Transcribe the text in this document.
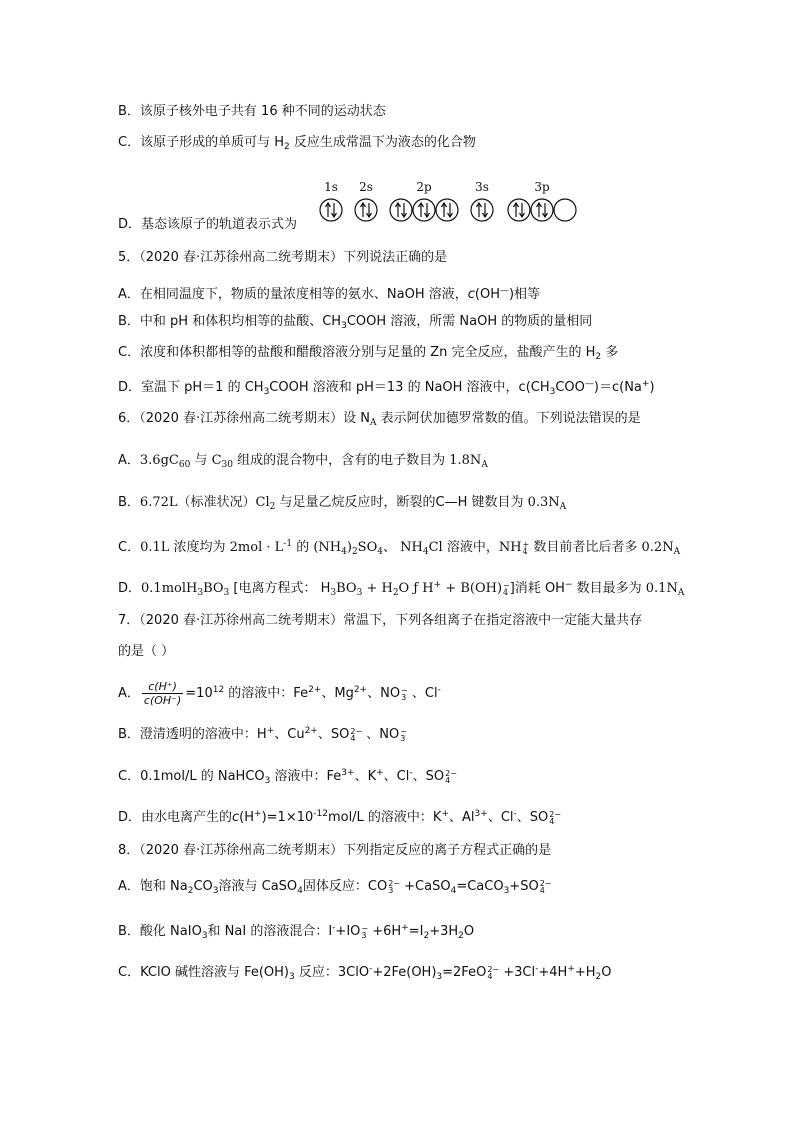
B．该原子核外电子共有 16 种不同的运动状态
C．该原子形成的单质可与 $H_2$ 反应生成常温下为液态的化合物
1s 2s	2p	3s	3p
D．基态该原子的轨道表示式为
5．（2020 春·江苏徐州高二统考期末）下列说法正确的是
A．在相同温度下，物质的量浓度相等的氨水、NaOH 溶液，c(OH—)相等
B．中和 pH 和体积均相等的盐酸、$CH_3COOH$ 溶液，所需 NaOH 的物质的量相同
C．浓度和体积都相等的盐酸和醋酸溶液分别与足量的 Zn 完全反应，盐酸产生的 $H_2$ 多
D．室温下 pH＝1 的 $CH_3COOH$ 溶液和 pH＝13 的 NaOH 溶液中，$c(CH_3COO^—)=c(Na^+)$
6．（2020 春·江苏徐州高二统考期末）设 $N_A$ 表示阿伏加德罗常数的值。下列说法错误的是
A．$3.6gC_{60}$ 与 $C_{30}$ 组成的混合物中，含有的电子数目为 $1.8N_A$
B．6.72L（标准状况）$Cl_2$ 与足量乙烷反应时，断裂的C—H 键数目为 $0.3N_A$
C．0.1L 浓度均为 $2mol \cdot L^{-1}$ 的 $(NH_4)_2SO_4$、 $NH_4Cl$ 溶液中，NH +
4 数目前者比后者多 $0.2N_A$
D．$0.1molH_3BO_3$ [电离方程式： $H_3BO_3 + H_2O$ ƒ H+ + B(OH) −
4 ]消耗 OH− 数目最多为 $0.1N_A$
7．（2020 春·江苏徐州高二统考期末）常温下，下列各组离子在指定溶液中一定能大量共存
的是（ ）
A． $\frac{c(H^+)}{c(OH^-)} =10^{12}$ 的溶液中：$Fe^{2+}$、$Mg^{2+}$、NO −
3 、Cl-
B．澄清透明的溶液中：H+、$Cu^{2+}$、SO 2−
4 、NO −
3
C．0.1mol/L 的 NaHCO$_3$ 溶液中：$Fe^{3+}$、K+、Cl-、SO 2−
4
D．由水电离产生的$c(H^+)=1\times 10^{-12}mol/L$ 的溶液中：K+、$Al^{3+}$、Cl-、SO 2−
4
8．（2020 春·江苏徐州高二统考期末）下列指定反应的离子方程式正确的是
A．饱和 $Na_2CO_3$溶液与 CaSO$_4$固体反应：CO 2−
3 +CaSO$_4$=CaCO$_3$+SO 2−
4
B．酸化 NaIO$_3$和 NaI 的溶液混合：I-+IO −
$3 +6H^+=I_2+3H_2O$
C．KClO 碱性溶液与 $Fe(OH)_3$ 反应：$3ClO^-+2Fe(OH)_3=2FeO$ 2−
$4 +3Cl^-+4H^++H_2O$
